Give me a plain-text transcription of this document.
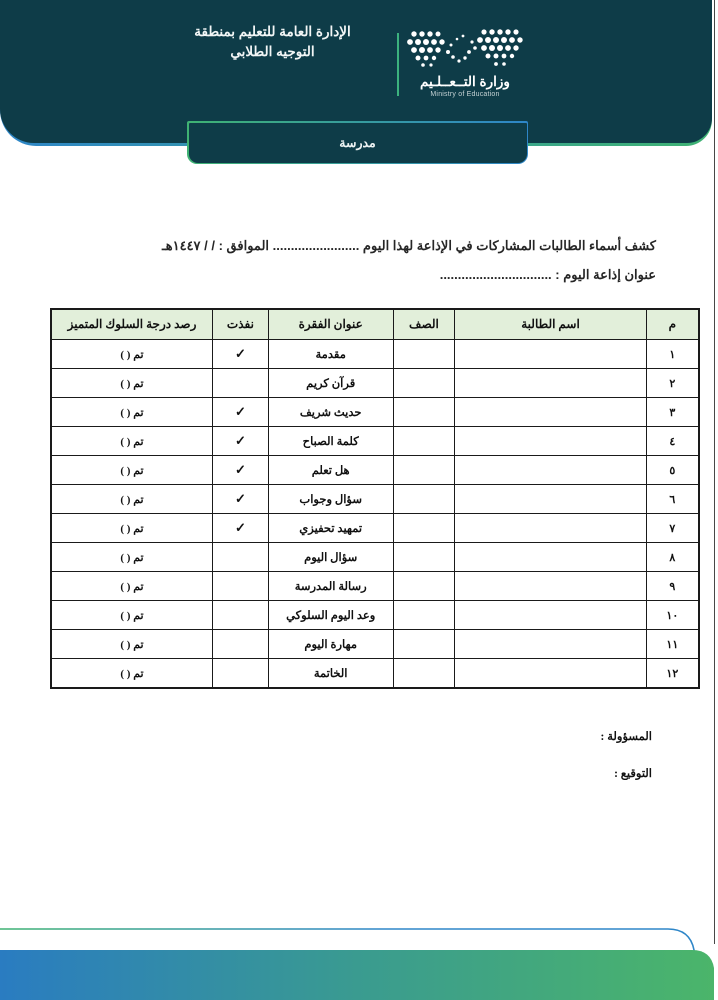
الإدارة العامة للتعليم بمنطقة
التوجيه الطلابي
وزارة التــعــلـيم
Ministry of Education
مدرسة
كشف أسماء الطالبات المشاركات في الإذاعة لهذا اليوم ........................ الموافق : / / ١٤٤٧هـ
عنوان إذاعة اليوم : ...............................
م	اسم الطالبة	الصف	عنوان الفقرة	نفذت	رصد درجة السلوك المتميز
١			مقدمة	✓	( ) تم
٢			قرآن كريم		( ) تم
٣			حديث شريف	✓	( ) تم
٤			كلمة الصباح	✓	( ) تم
٥			هل تعلم	✓	( ) تم
٦			سؤال وجواب	✓	( ) تم
٧			تمهيد تحفيزي	✓	( ) تم
٨			سؤال اليوم		( ) تم
٩			رسالة المدرسة		( ) تم
١٠			وعد اليوم السلوكي		( ) تم
١١			مهارة اليوم		( ) تم
١٢			الخاتمة		( ) تم
المسؤولة :
التوقيع :
